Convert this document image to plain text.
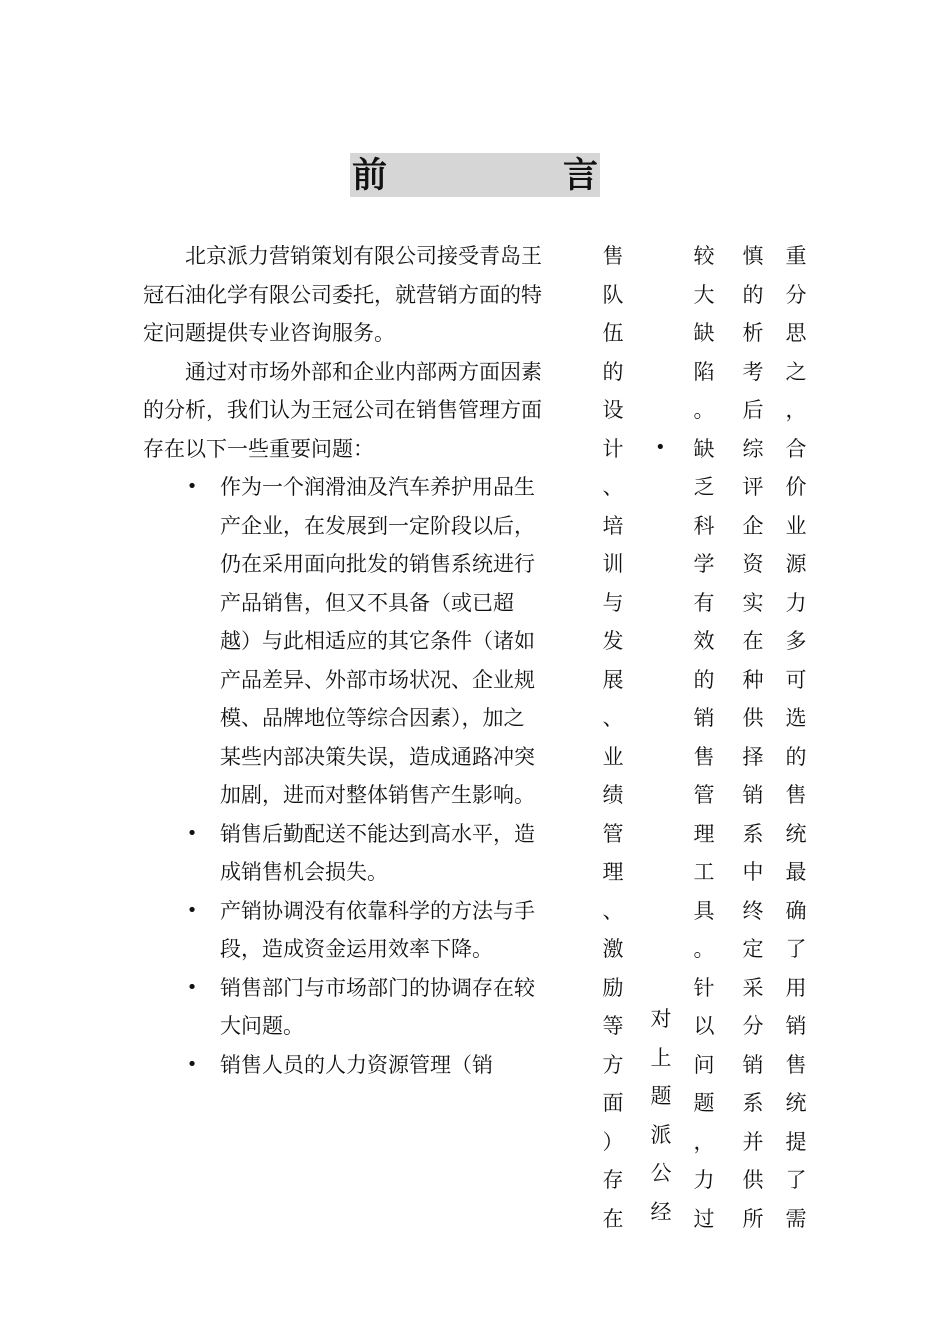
前	言

北京派力营销策划有限公司接受青岛王冠石油化学有限公司委托，就营销方面的特定问题提供专业咨询服务。

通过对市场外部和企业内部两方面因素的分析，我们认为王冠公司在销售管理方面存在以下一些重要问题：

• 作为一个润滑油及汽车养护用品生产企业，在发展到一定阶段以后，仍在采用面向批发的销售系统进行产品销售，但又不具备（或已超越）与此相适应的其它条件（诸如产品差异、外部市场状况、企业规模、品牌地位等综合因素），加之某些内部决策失误，造成通路冲突加剧，进而对整体销售产生影响。
• 销售后勤配送不能达到高水平，造成销售机会损失。
• 产销协调没有依靠科学的方法与手段，造成资金运用效率下降。
• 销售部门与市场部门的协调存在较大问题。
• 销售人员的人力资源管理（销
售
队
伍
的
设
计
、
培
训
与
发
展
、
业
绩
管
理
、
激
励
等
方
面
）
存
在
较
大
缺
陷
。
缺
乏
科
学
有
效
的
销
售
管
理
工
具
。
针
以
问
题
，
力
过
慎
的
析
考
后
综
评
企
资
实
在
种
供
择
销
系
中
终
定
采
分
销
系
并
供
所
重
分
思
之
，
合
价
业
源
力
多
可
选
的
售
统
最
确
了
用
销
售
统
提
了
需
对
上
题
派
公
经
•
